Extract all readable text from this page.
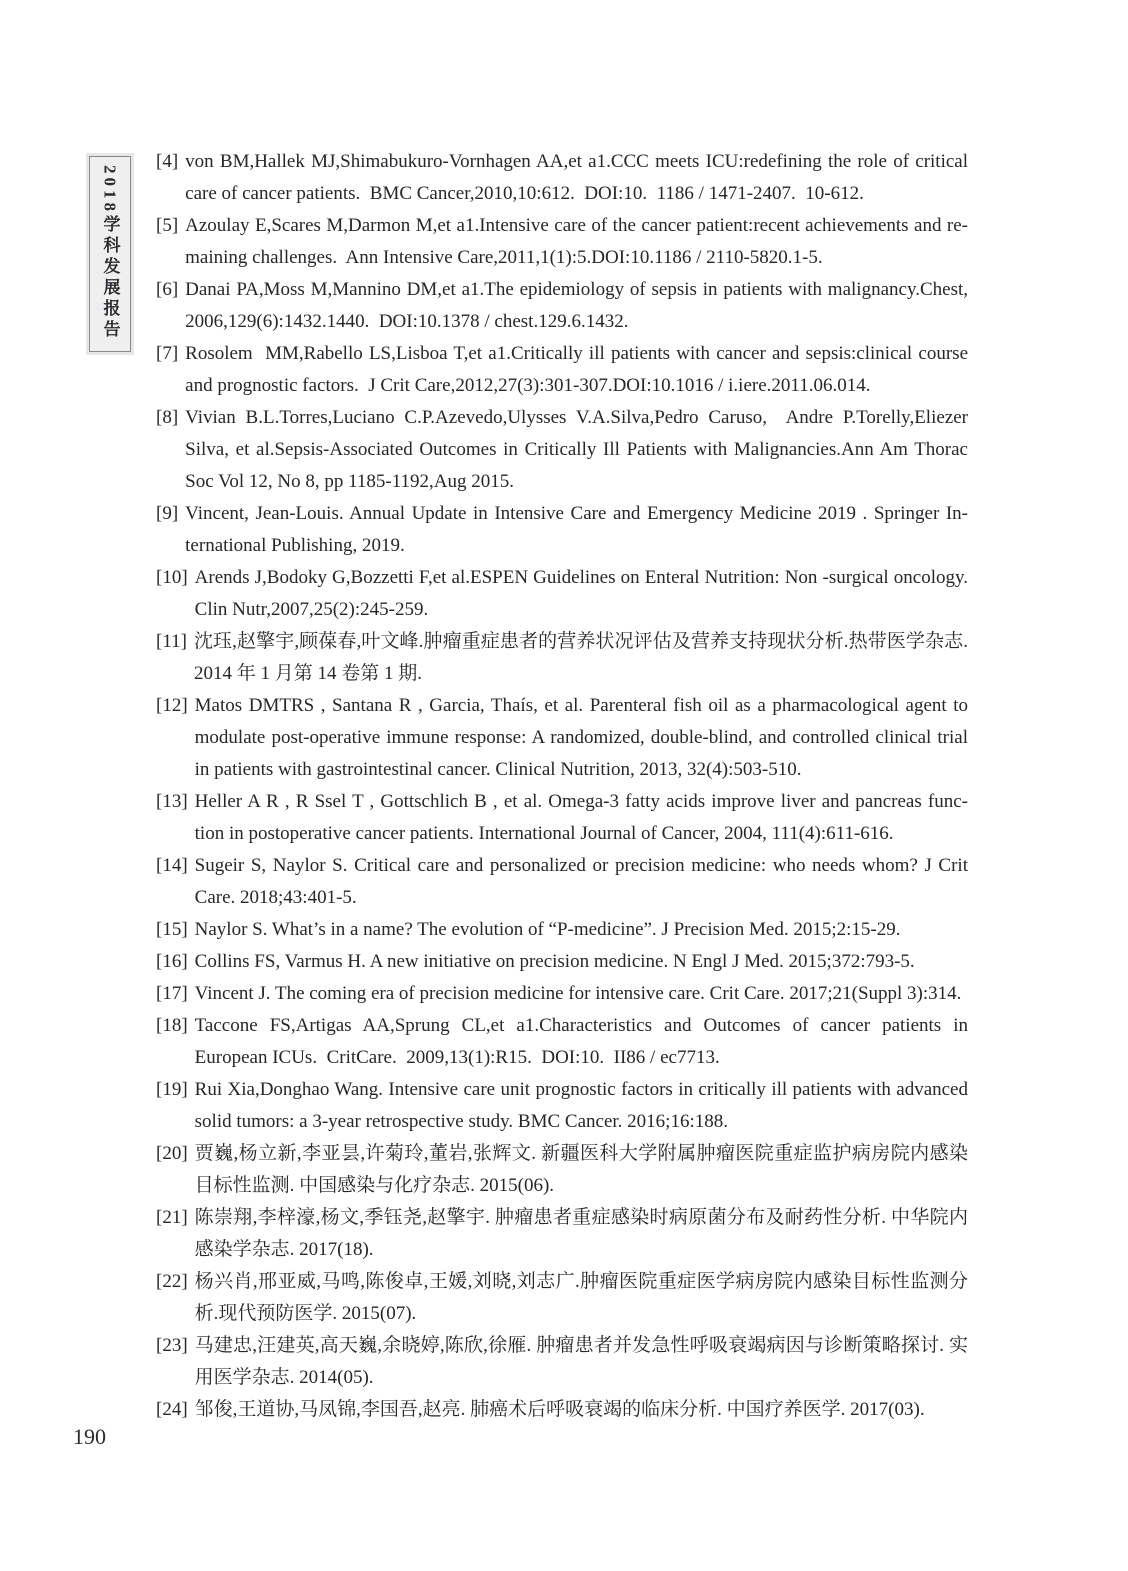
2018学科发展报告
[4] von BM,Hallek MJ,Shimabukuro-Vornhagen AA,et a1.CCC meets ICU:redefining the role of critical care of cancer patients.  BMC Cancer,2010,10:612.  DOI:10.  1186 / 1471-2407.  10-612.
[5] Azoulay E,Scares M,Darmon M,et a1.Intensive care of the cancer patient:recent achievements and re-maining challenges.  Ann Intensive Care,2011,1(1):5.DOI:10.1186 / 2110-5820.1-5.
[6] Danai PA,Moss M,Mannino DM,et a1.The epidemiology of sepsis in patients with malignancy.Chest, 2006,129(6):1432.1440.  DOI:10.1378 / chest.129.6.1432.
[7] Rosolem  MM,Rabello LS,Lisboa T,et a1.Critically ill patients with cancer and sepsis:clinical course and prognostic factors.  J Crit Care,2012,27(3):301-307.DOI:10.1016 / i.iere.2011.06.014.
[8] Vivian B.L.Torres,Luciano C.P.Azevedo,Ulysses V.A.Silva,Pedro Caruso,  Andre P.Torelly,Eliezer Silva, et al.Sepsis-Associated Outcomes in Critically Ill Patients with Malignancies.Ann Am Thorac Soc Vol 12, No 8, pp 1185-1192,Aug 2015.
[9] Vincent, Jean-Louis. Annual Update in Intensive Care and Emergency Medicine 2019 . Springer In-ternational Publishing, 2019.
[10] Arends J,Bodoky G,Bozzetti F,et al.ESPEN Guidelines on Enteral Nutrition: Non -surgical oncology. Clin Nutr,2007,25(2):245-259.
[11] 沈珏,赵擎宇,顾葆春,叶文峰.肿瘤重症患者的营养状况评估及营养支持现状分析.热带医学杂志. 2014 年 1 月第 14 卷第 1 期.
[12] Matos DMTRS , Santana R , Garcia, Thaís, et al. Parenteral fish oil as a pharmacological agent to modulate post-operative immune response: A randomized, double-blind, and controlled clinical trial in patients with gastrointestinal cancer. Clinical Nutrition, 2013, 32(4):503-510.
[13] Heller A R , R Ssel T , Gottschlich B , et al. Omega-3 fatty acids improve liver and pancreas func-tion in postoperative cancer patients. International Journal of Cancer, 2004, 111(4):611-616.
[14] Sugeir S, Naylor S. Critical care and personalized or precision medicine: who needs whom? J Crit Care. 2018;43:401-5.
[15] Naylor S. What’s in a name? The evolution of “P-medicine”. J Precision Med. 2015;2:15-29.
[16] Collins FS, Varmus H. A new initiative on precision medicine. N Engl J Med. 2015;372:793-5.
[17] Vincent J. The coming era of precision medicine for intensive care. Crit Care. 2017;21(Suppl 3):314.
[18] Taccone FS,Artigas AA,Sprung CL,et a1.Characteristics and Outcomes of cancer patients in European ICUs.  CritCare.  2009,13(1):R15.  DOI:10.  II86 / ec7713.
[19] Rui Xia,Donghao Wang. Intensive care unit prognostic factors in critically ill patients with advanced solid tumors: a 3-year retrospective study. BMC Cancer. 2016;16:188.
[20] 贾巍,杨立新,李亚昙,许菊玲,董岩,张辉文. 新疆医科大学附属肿瘤医院重症监护病房院内感染目标性监测. 中国感染与化疗杂志. 2015(06).
[21] 陈崇翔,李梓濠,杨文,季钰尧,赵擎宇. 肿瘤患者重症感染时病原菌分布及耐药性分析. 中华院内感染学杂志. 2017(18).
[22] 杨兴肖,邢亚威,马鸣,陈俊卓,王媛,刘晓,刘志广.肿瘤医院重症医学病房院内感染目标性监测分析.现代预防医学. 2015(07).
[23] 马建忠,汪建英,高天巍,余晓婷,陈欣,徐雁. 肿瘤患者并发急性呼吸衰竭病因与诊断策略探讨. 实用医学杂志. 2014(05).
[24] 邹俊,王道协,马凤锦,李国吾,赵亮. 肺癌术后呼吸衰竭的临床分析. 中国疗养医学. 2017(03).
190
